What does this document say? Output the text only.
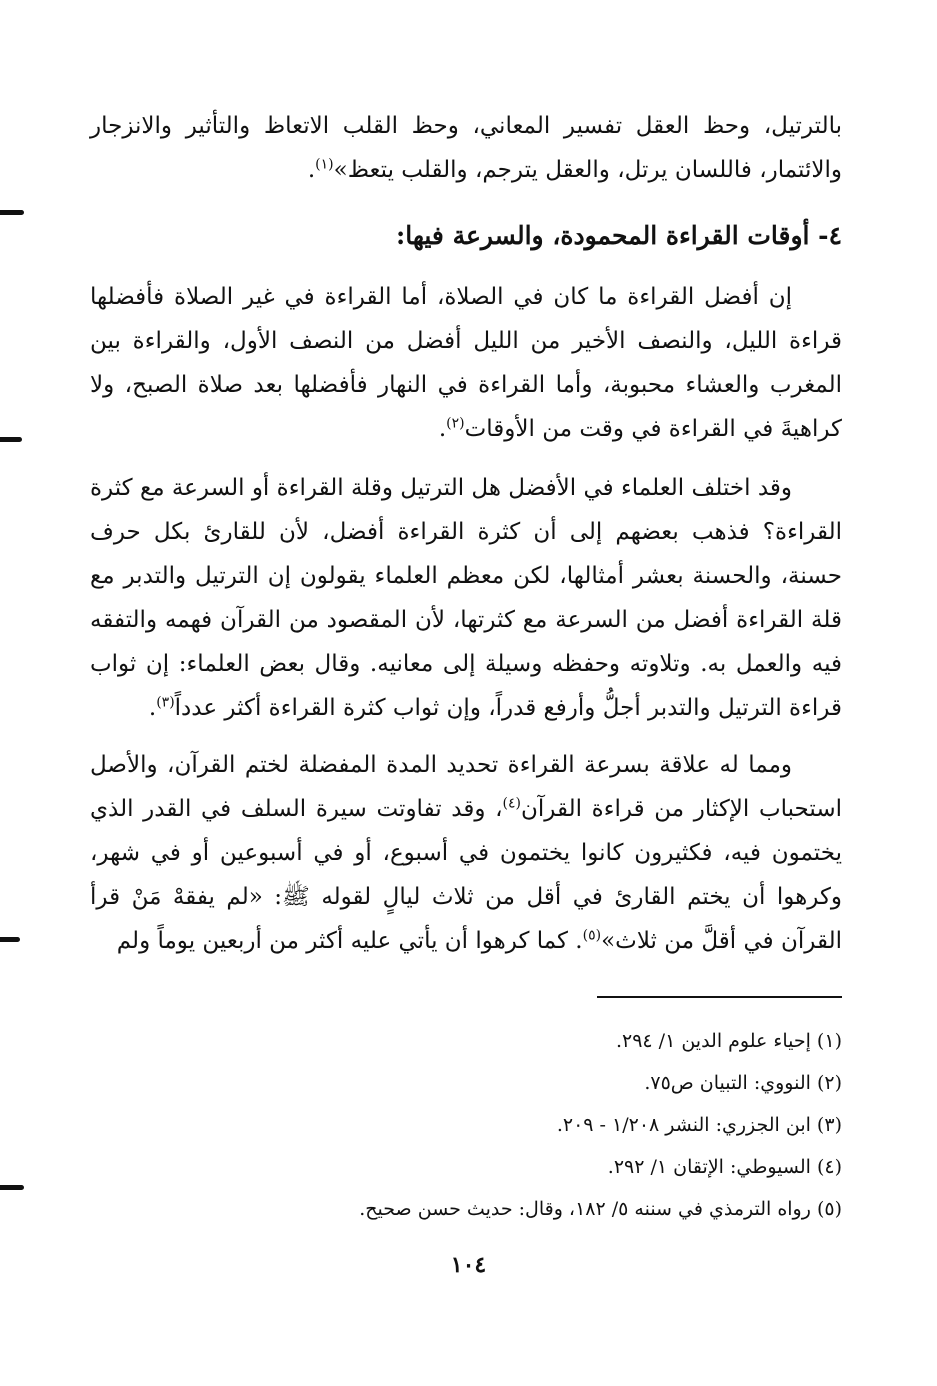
بالترتيل، وحظ العقل تفسير المعاني، وحظ القلب الاتعاظ والتأثير والانزجار والائتمار، فاللسان يرتل، والعقل يترجم، والقلب يتعظ»$^{(١)}$.

٤- أوقات القراءة المحمودة، والسرعة فيها:

إن أفضل القراءة ما كان في الصلاة، أما القراءة في غير الصلاة فأفضلها قراءة الليل، والنصف الأخير من الليل أفضل من النصف الأول، والقراءة بين المغرب والعشاء محبوبة، وأما القراءة في النهار فأفضلها بعد صلاة الصبح، ولا كراهيةَ في القراءة في وقت من الأوقات$^{(٢)}$.

وقد اختلف العلماء في الأفضل هل الترتيل وقلة القراءة أو السرعة مع كثرة القراءة؟ فذهب بعضهم إلى أن كثرة القراءة أفضل، لأن للقارئ بكل حرف حسنة، والحسنة بعشر أمثالها، لكن معظم العلماء يقولون إن الترتيل والتدبر مع قلة القراءة أفضل من السرعة مع كثرتها، لأن المقصود من القرآن فهمه والتفقه فيه والعمل به. وتلاوته وحفظه وسيلة إلى معانيه. وقال بعض العلماء: إن ثواب قراءة الترتيل والتدبر أجلُّ وأرفع قدراً، وإن ثواب كثرة القراءة أكثر عدداً$^{(٣)}$.

ومما له علاقة بسرعة القراءة تحديد المدة المفضلة لختم القرآن، والأصل استحباب الإكثار من قراءة القرآن$^{(٤)}$، وقد تفاوتت سيرة السلف في القدر الذي يختمون فيه، فكثيرون كانوا يختمون في أسبوع، أو في أسبوعين أو في شهر، وكرهوا أن يختم القارئ في أقل من ثلاث ليالٍ لقوله ﷺ: «لم يفقهْ مَنْ قرأ القرآن في أقلَّ من ثلاث»$^{(٥)}$. كما كرهوا أن يأتي عليه أكثر من أربعين يوماً ولم

(١) إحياء علوم الدين ١/ ٢٩٤.

(٢) النووي: التبيان ص٧٥.

(٣) ابن الجزري: النشر ١/٢٠٨ - ٢٠٩.

(٤) السيوطي: الإتقان ١/ ٢٩٢.

(٥) رواه الترمذي في سننه ٥/ ١٨٢، وقال: حديث حسن صحيح.

١٠٤
